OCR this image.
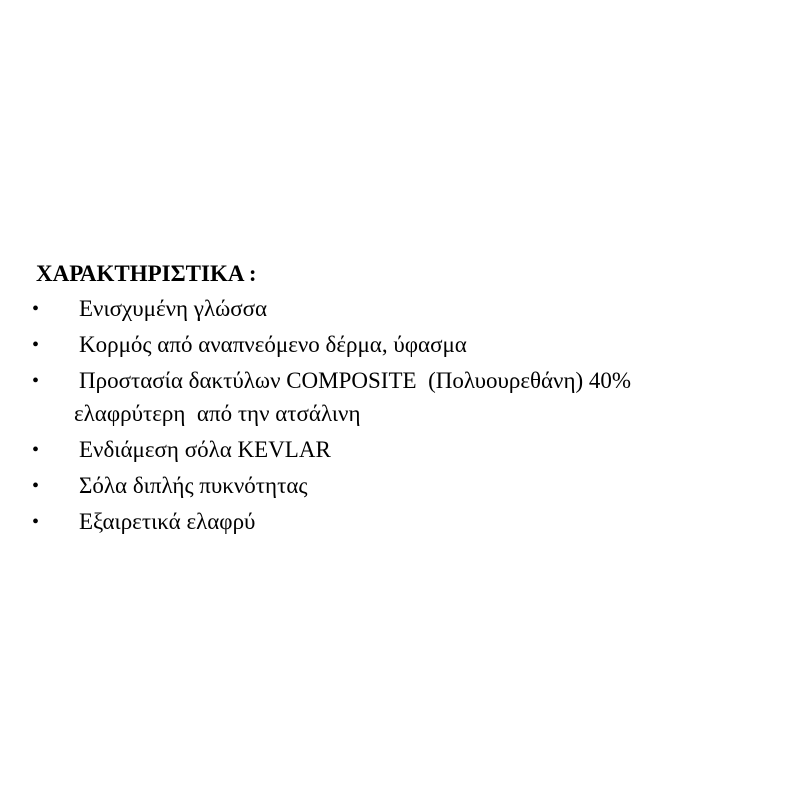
ΧΑΡΑΚΤΗΡΙΣΤΙΚΑ :
• Ενισχυμένη γλώσσα
• Κορμός από αναπνεόμενο δέρμα, ύφασμα
• Προστασία δακτύλων COMPOSITE  (Πολυουρεθάνη) 40%
ελαφρύτερη  από την ατσάλινη
• Ενδιάμεση σόλα KEVLAR
• Σόλα διπλής πυκνότητας
• Εξαιρετικά ελαφρύ
